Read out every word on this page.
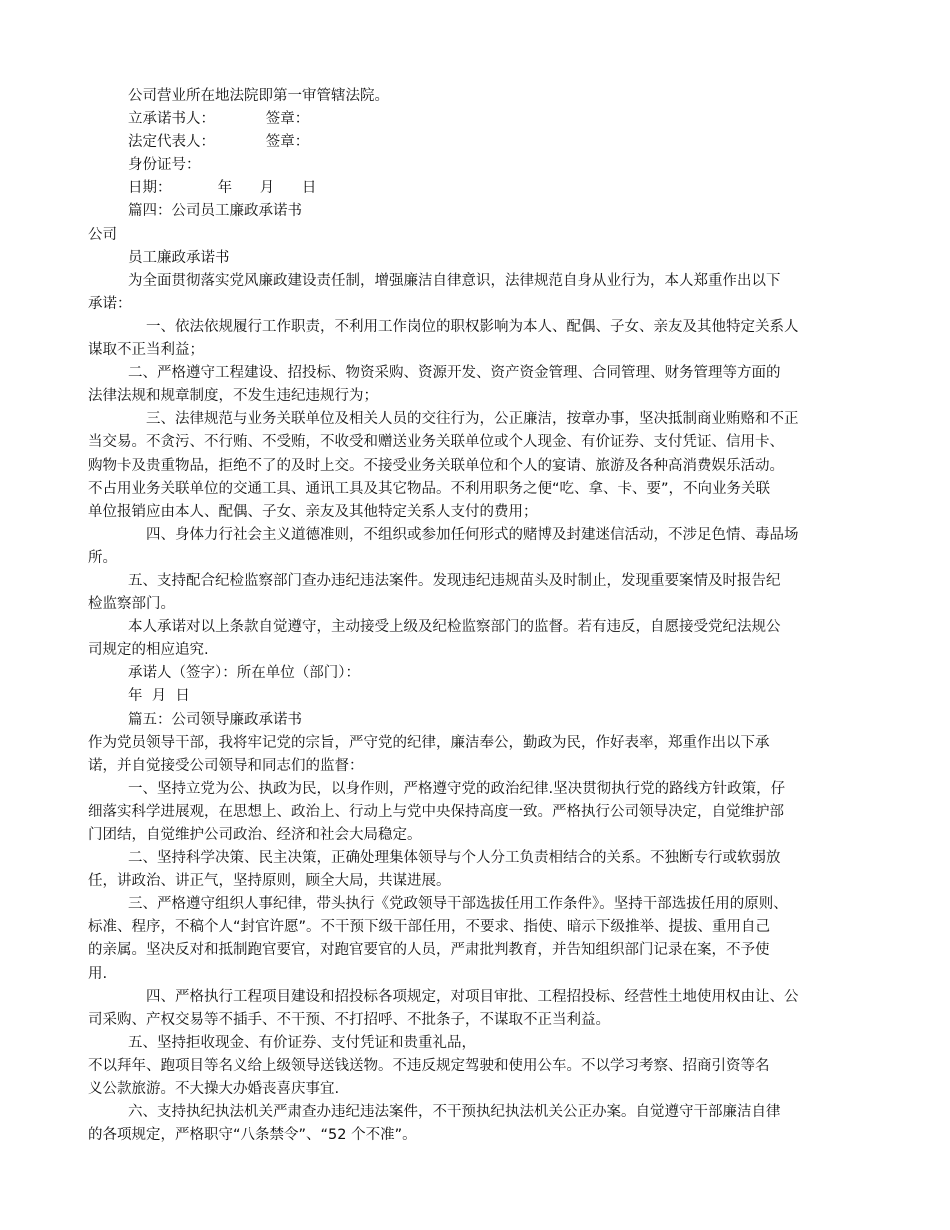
公司营业所在地法院即第一审管辖法院。

立承诺书人：           签章：

法定代表人：           签章：

身份证号：

日期：          年      月      日

篇四：公司员工廉政承诺书

公司

员工廉政承诺书

为全面贯彻落实党风廉政建设责任制，增强廉洁自律意识，法律规范自身从业行为，本人郑重作出以下

承诺：

一、依法依规履行工作职责，不利用工作岗位的职权影响为本人、配偶、子女、亲友及其他特定关系人

谋取不正当利益；

二、严格遵守工程建设、招投标、物资采购、资源开发、资产资金管理、合同管理、财务管理等方面的

法律法规和规章制度，不发生违纪违规行为；

三、法律规范与业务关联单位及相关人员的交往行为，公正廉洁，按章办事，坚决抵制商业贿赂和不正

当交易。不贪污、不行贿、不受贿，不收受和赠送业务关联单位或个人现金、有价证券、支付凭证、信用卡、

购物卡及贵重物品，拒绝不了的及时上交。不接受业务关联单位和个人的宴请、旅游及各种高消费娱乐活动。

不占用业务关联单位的交通工具、通讯工具及其它物品。不利用职务之便“吃、拿、卡、要”，不向业务关联

单位报销应由本人、配偶、子女、亲友及其他特定关系人支付的费用；

四、身体力行社会主义道德准则，不组织或参加任何形式的赌博及封建迷信活动，不涉足色情、毒品场

所。

五、支持配合纪检监察部门查办违纪违法案件。发现违纪违规苗头及时制止，发现重要案情及时报告纪

检监察部门。

本人承诺对以上条款自觉遵守，主动接受上级及纪检监察部门的监督。若有违反，自愿接受党纪法规公

司规定的相应追究.

承诺人（签字）：所在单位（部门）：

年  月  日

篇五：公司领导廉政承诺书

作为党员领导干部，我将牢记党的宗旨，严守党的纪律，廉洁奉公，勤政为民，作好表率，郑重作出以下承

诺，并自觉接受公司领导和同志们的监督：

一、坚持立党为公、执政为民，以身作则，严格遵守党的政治纪律.坚决贯彻执行党的路线方针政策，仔

细落实科学进展观，在思想上、政治上、行动上与党中央保持高度一致。严格执行公司领导决定，自觉维护部

门团结，自觉维护公司政治、经济和社会大局稳定。

二、坚持科学决策、民主决策，正确处理集体领导与个人分工负责相结合的关系。不独断专行或软弱放

任，讲政治、讲正气，坚持原则，顾全大局，共谋进展。

三、严格遵守组织人事纪律，带头执行《党政领导干部选拔任用工作条件》。坚持干部选拔任用的原则、

标准、程序，不稿个人“封官许愿”。不干预下级干部任用，不要求、指使、暗示下级推举、提拔、重用自己

的亲属。坚决反对和抵制跑官要官，对跑官要官的人员，严肃批判教育，并告知组织部门记录在案，不予使

用.

四、严格执行工程项目建设和招投标各项规定，对项目审批、工程招投标、经营性土地使用权由让、公

司采购、产权交易等不插手、不干预、不打招呼、不批条子，不谋取不正当利益。

五、坚持拒收现金、有价证券、支付凭证和贵重礼品，

不以拜年、跑项目等名义给上级领导送钱送物。不违反规定驾驶和使用公车。不以学习考察、招商引资等名

义公款旅游。不大操大办婚丧喜庆事宜.

六、支持执纪执法机关严肃查办违纪违法案件，不干预执纪执法机关公正办案。自觉遵守干部廉洁自律

的各项规定，严格职守“八条禁令”、“52 个不准”。
